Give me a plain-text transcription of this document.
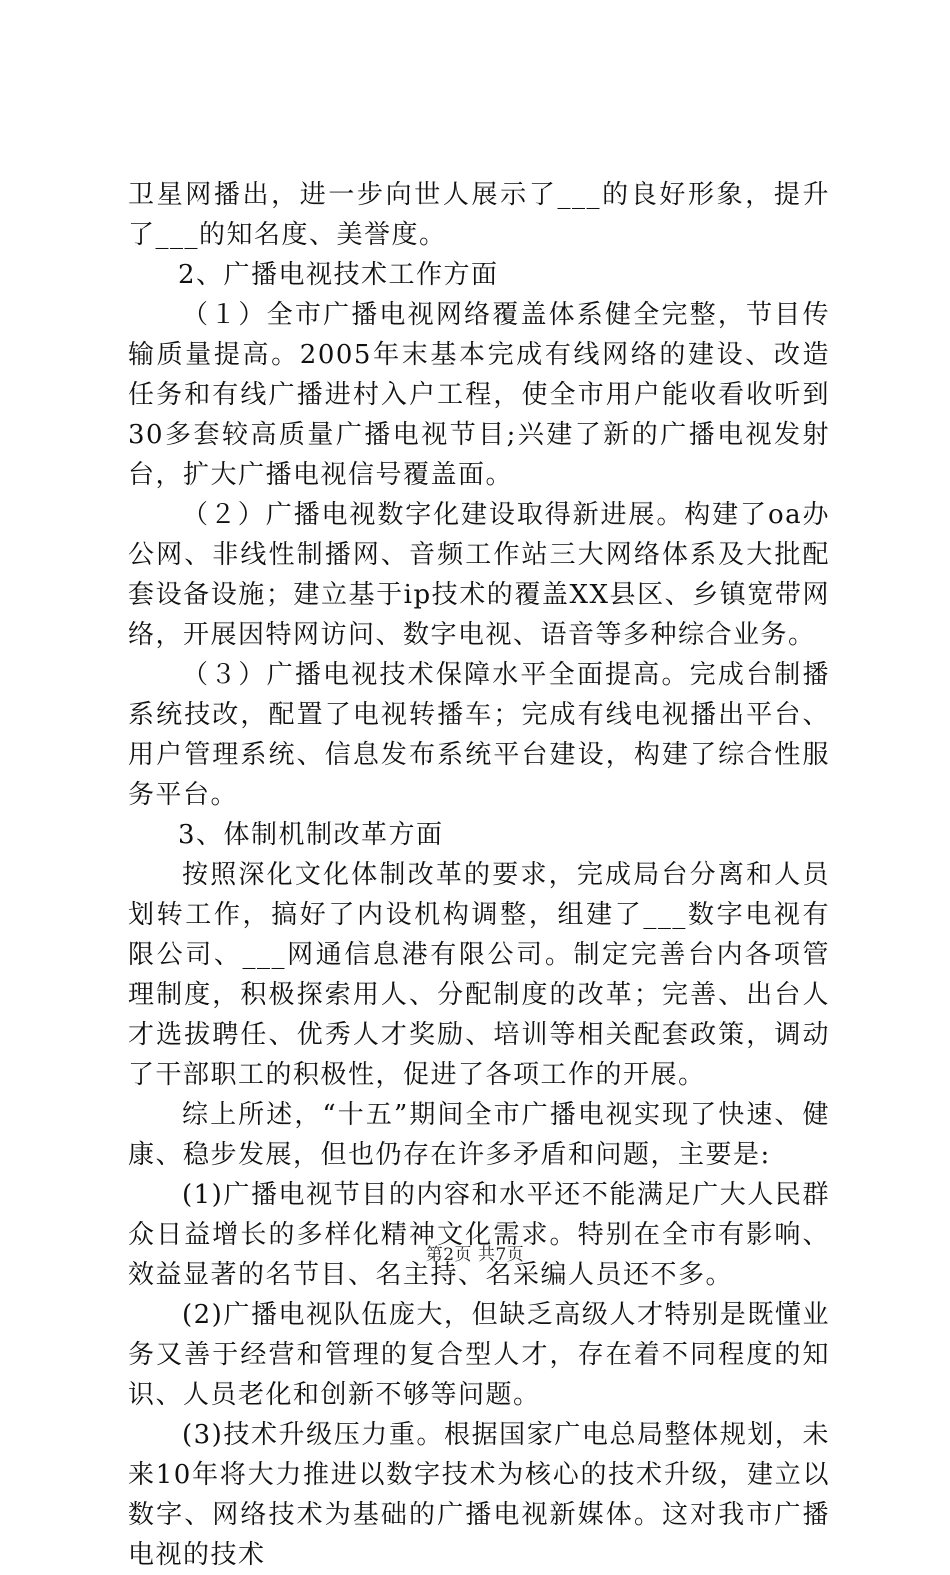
卫星网播出，进一步向世人展示了___的良好形象，提升了___的知名度、美誉度。

2、广播电视技术工作方面

（１）全市广播电视网络覆盖体系健全完整，节目传输质量提高。2005年末基本完成有线网络的建设、改造任务和有线广播进村入户工程，使全市用户能收看收听到30多套较高质量广播电视节目;兴建了新的广播电视发射台，扩大广播电视信号覆盖面。

（２）广播电视数字化建设取得新进展。构建了oa办公网、非线性制播网、音频工作站三大网络体系及大批配套设备设施；建立基于ip技术的覆盖XX县区、乡镇宽带网络，开展因特网访问、数字电视、语音等多种综合业务。

（３）广播电视技术保障水平全面提高。完成台制播系统技改，配置了电视转播车；完成有线电视播出平台、用户管理系统、信息发布系统平台建设，构建了综合性服务平台。

3、体制机制改革方面

按照深化文化体制改革的要求，完成局台分离和人员划转工作，搞好了内设机构调整，组建了___数字电视有限公司、___网通信息港有限公司。制定完善台内各项管理制度，积极探索用人、分配制度的改革；完善、出台人才选拔聘任、优秀人才奖励、培训等相关配套政策，调动了干部职工的积极性，促进了各项工作的开展。

综上所述，“十五”期间全市广播电视实现了快速、健康、稳步发展，但也仍存在许多矛盾和问题，主要是:

(1)广播电视节目的内容和水平还不能满足广大人民群众日益增长的多样化精神文化需求。特别在全市有影响、效益显著的名节目、名主持、名采编人员还不多。

(2)广播电视队伍庞大，但缺乏高级人才特别是既懂业务又善于经营和管理的复合型人才，存在着不同程度的知识、人员老化和创新不够等问题。

(3)技术升级压力重。根据国家广电总局整体规划，未来10年将大力推进以数字技术为核心的技术升级，建立以数字、网络技术为基础的广播电视新媒体。这对我市广播电视的技术

第2页 共7页
